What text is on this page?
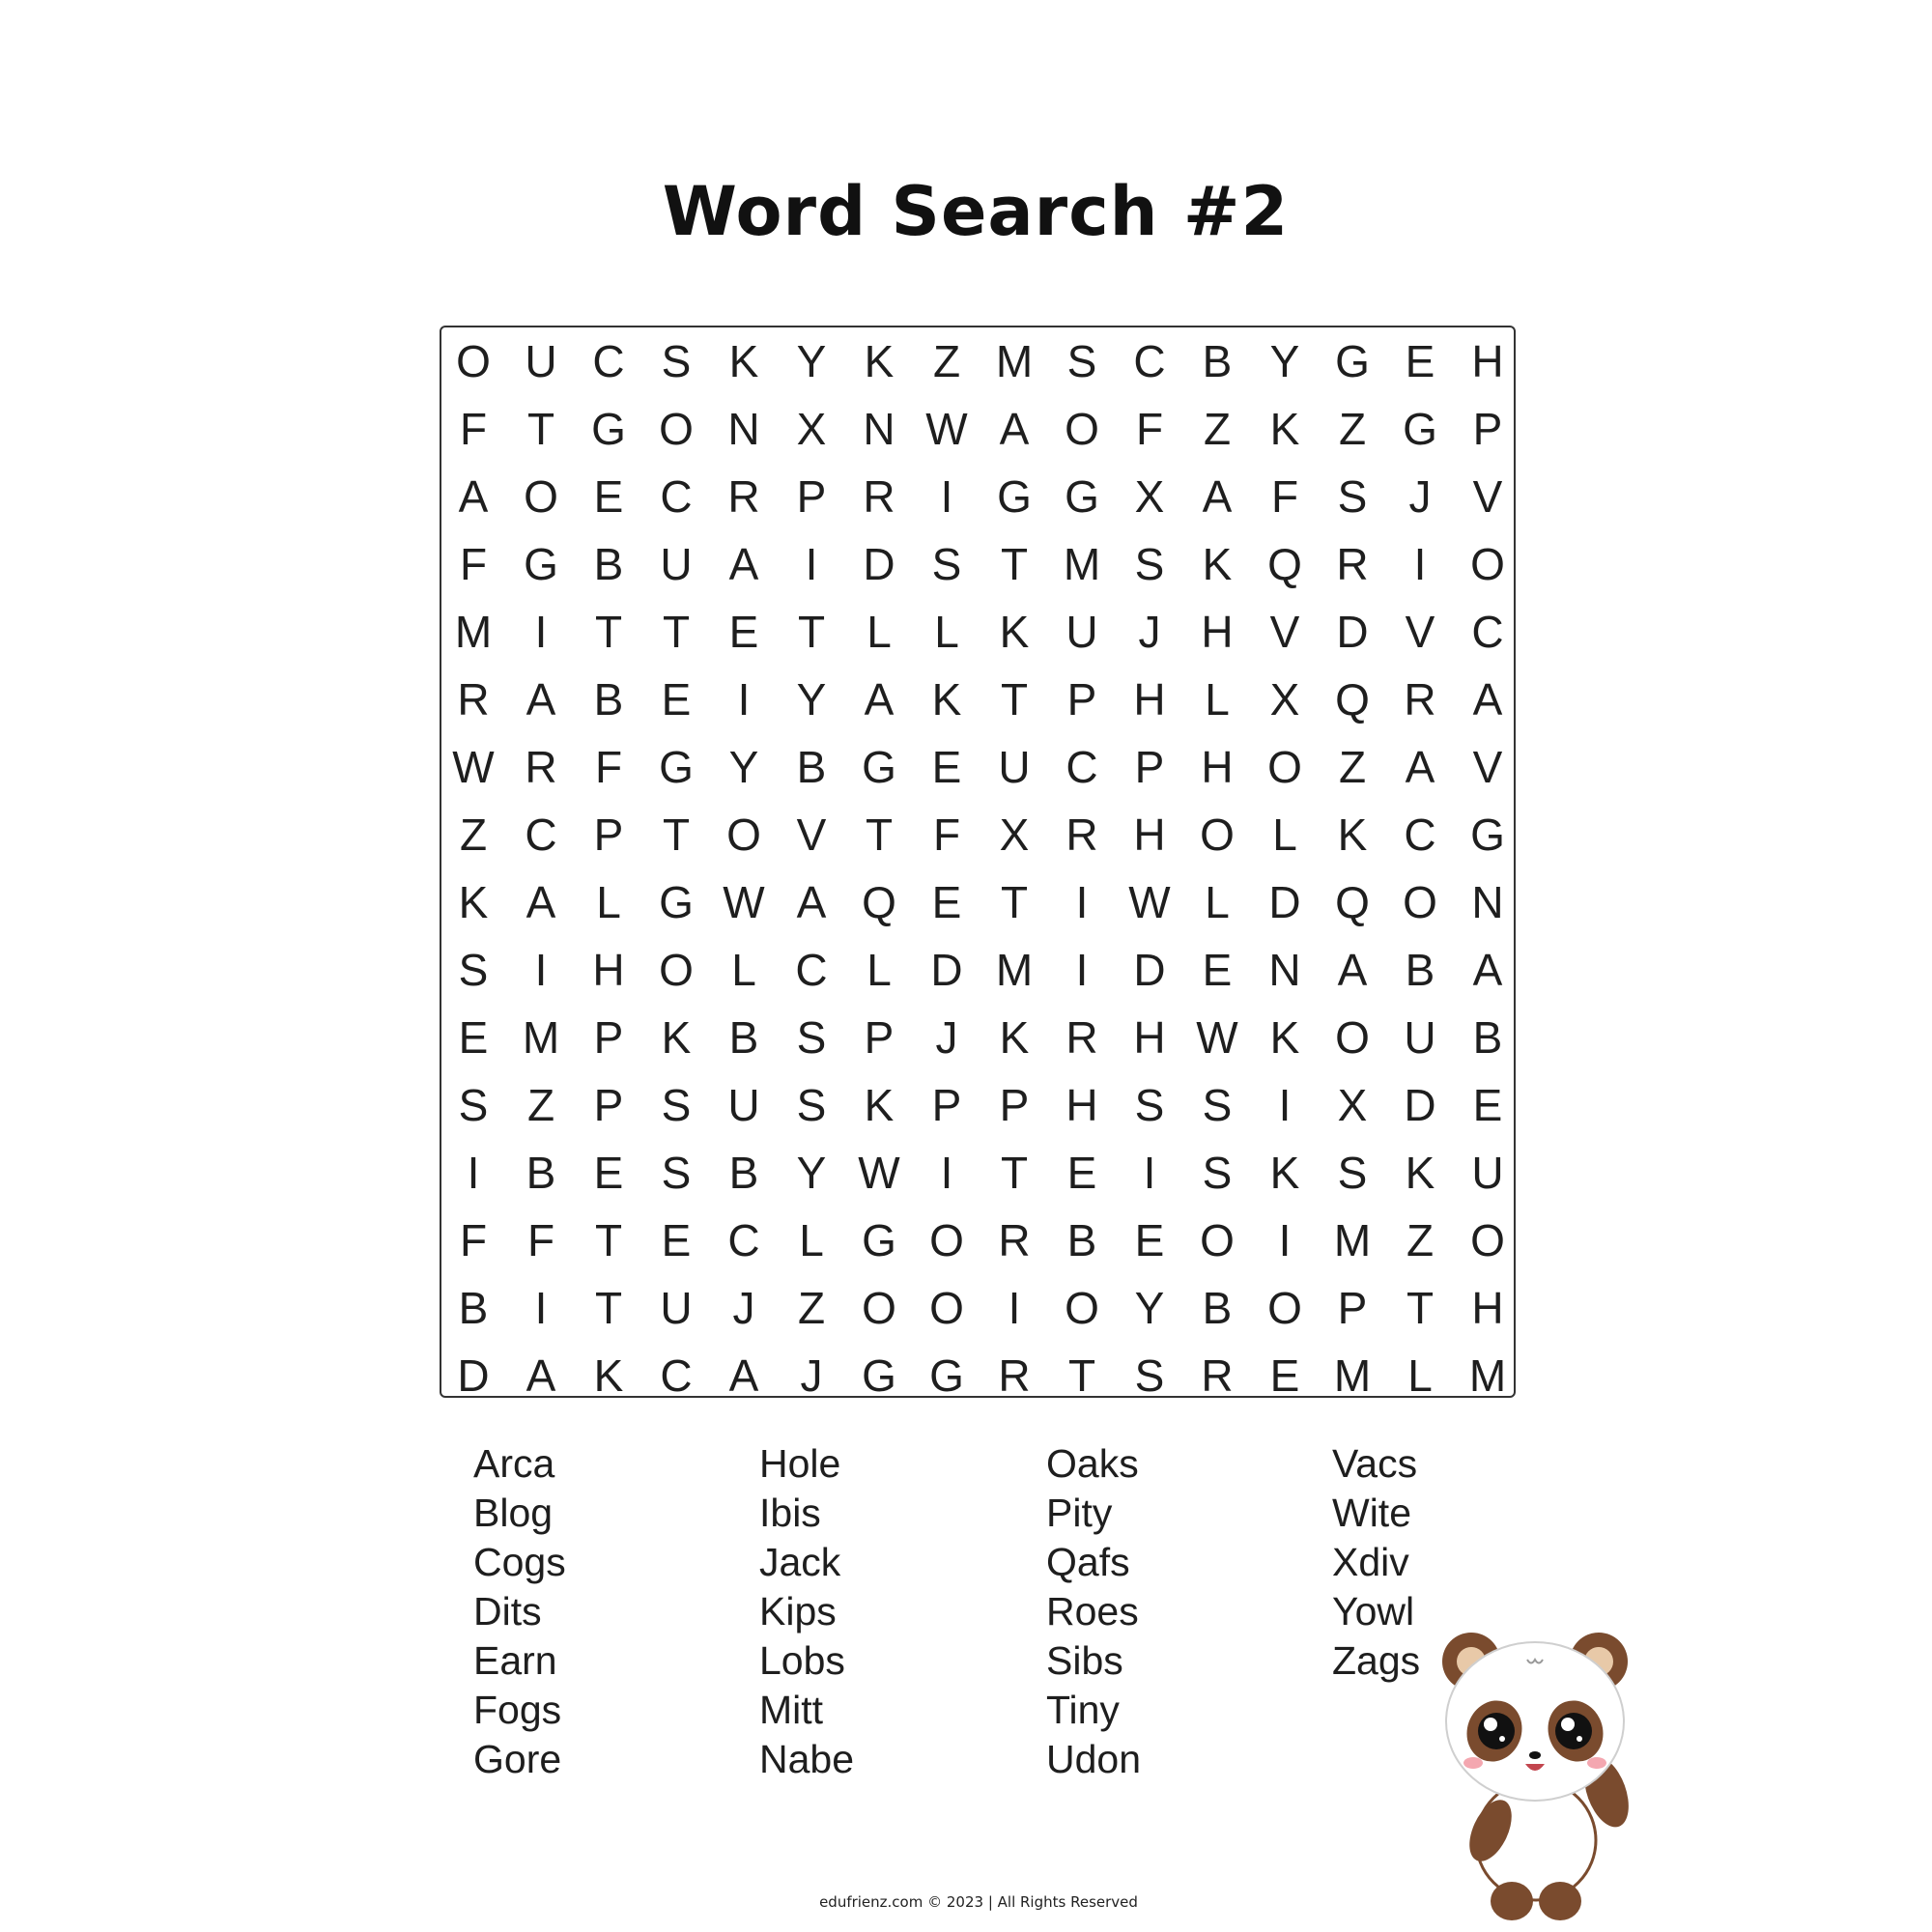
Word Search #2
O U C S K Y K Z M S C B Y G E H
F T G O N X N W A O F Z K Z G P
A O E C R P R	I G G X A F S J V
F G B U A	I	D S T M S K Q R	I O
M I	T T E T L L K U J H V D V C
R A B E	I	Y A K T P H L X Q R A
W R F G Y B G E U C P H O Z A V
Z C P T O V T F X R H O L K C G
K A L G W A Q E T	I W L D Q O N
S	I	H O L C L D M I	D E N A B A
E M P K B S P J K R H W K O U B
S Z P S U S K P P H S S	I	X D E
I	B E S B Y W I	T E	I	S K S K U
F F T E C L G O R B E O I M Z O
B	I	T U J Z O O I O Y B O P T H
D A K C A J G G R T S R E M L M
Arca
Blog
Cogs
Dits
Earn
Fogs
Gore
Hole
Ibis
Jack
Kips
Lobs
Mitt
Nabe
Oaks
Pity
Qafs
Roes
Sibs
Tiny
Udon
Vacs
Wite
Xdiv
Yowl
Zags
edufrienz.com © 2023 | All Rights Reserved
